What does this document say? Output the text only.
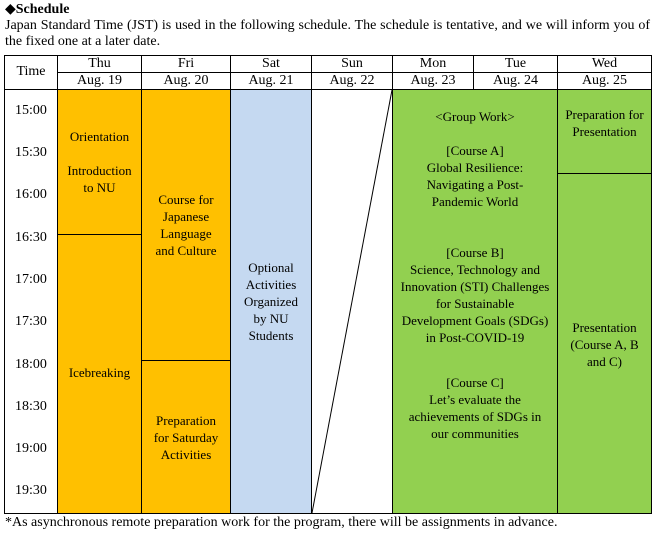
◆Schedule
Japan Standard Time (JST) is used in the following schedule. The schedule is tentative, and we will inform you of the fixed one at a later date.
Orientation
Introduction to NU
Icebreaking
Course for Japanese Language and Culture
Preparation for Saturday Activities
Optional Activities Organized by NU Students
<Group Work>
[Course A]
Global Resilience: Navigating a Post-Pandemic World
[Course B]
Science, Technology and Innovation (STI) Challenges for Sustainable Development Goals (SDGs) in Post-COVID-19
[Course C]
Let’s evaluate the achievements of SDGs in our communities
Preparation for Presentation
Presentation (Course A, B and C)
Time
Thu
Aug. 19
Fri
Aug. 20
Sat
Aug. 21
Sun
Aug. 22
Mon
Aug. 23
Tue
Aug. 24
Wed
Aug. 25
15:00
15:30
16:00
16:30
17:00
17:30
18:00
18:30
19:00
19:30
*As asynchronous remote preparation work for the program, there will be assignments in advance.
